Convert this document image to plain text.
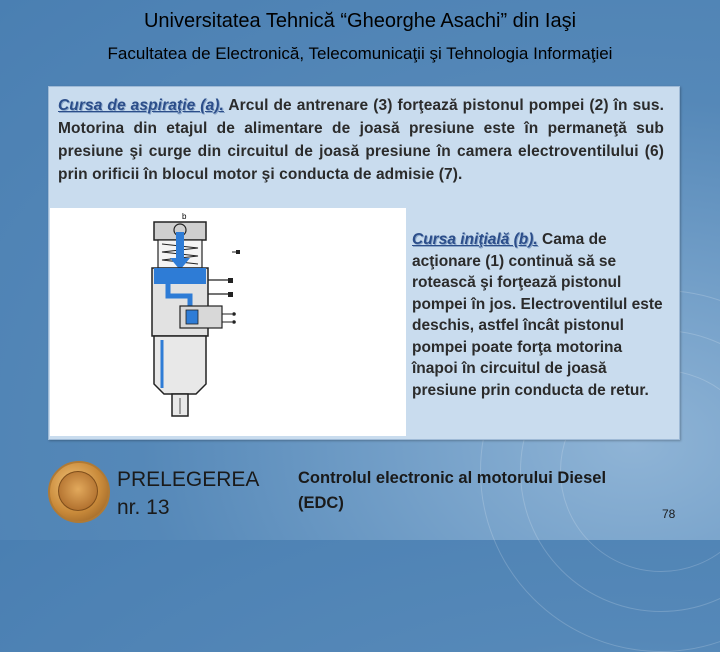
Universitatea Tehnică “Gheorghe Asachi” din Iaşi
Facultatea de Electronică, Telecomunicaţii şi Tehnologia Informaţiei
Cursa de aspiraţie (a). Arcul de antrenare (3) forţează pistonul pompei (2) în sus. Motorina din etajul de alimentare de joasă presiune este în permaneţă sub presiune şi curge din circuitul de joasă presiune în camera electroventilului (6) prin orificii în blocul motor şi conducta de admisie (7).
b
Cursa iniţială (b). Cama de acţionare (1) continuă să se rotească şi forţează pistonul pompei în jos. Electroventilul este deschis, astfel încât pistonul pompei poate forţa motorina înapoi în circuitul de joasă presiune prin conducta de retur.
PRELEGEREA
nr. 13
Controlul electronic al motorului Diesel (EDC)
78
